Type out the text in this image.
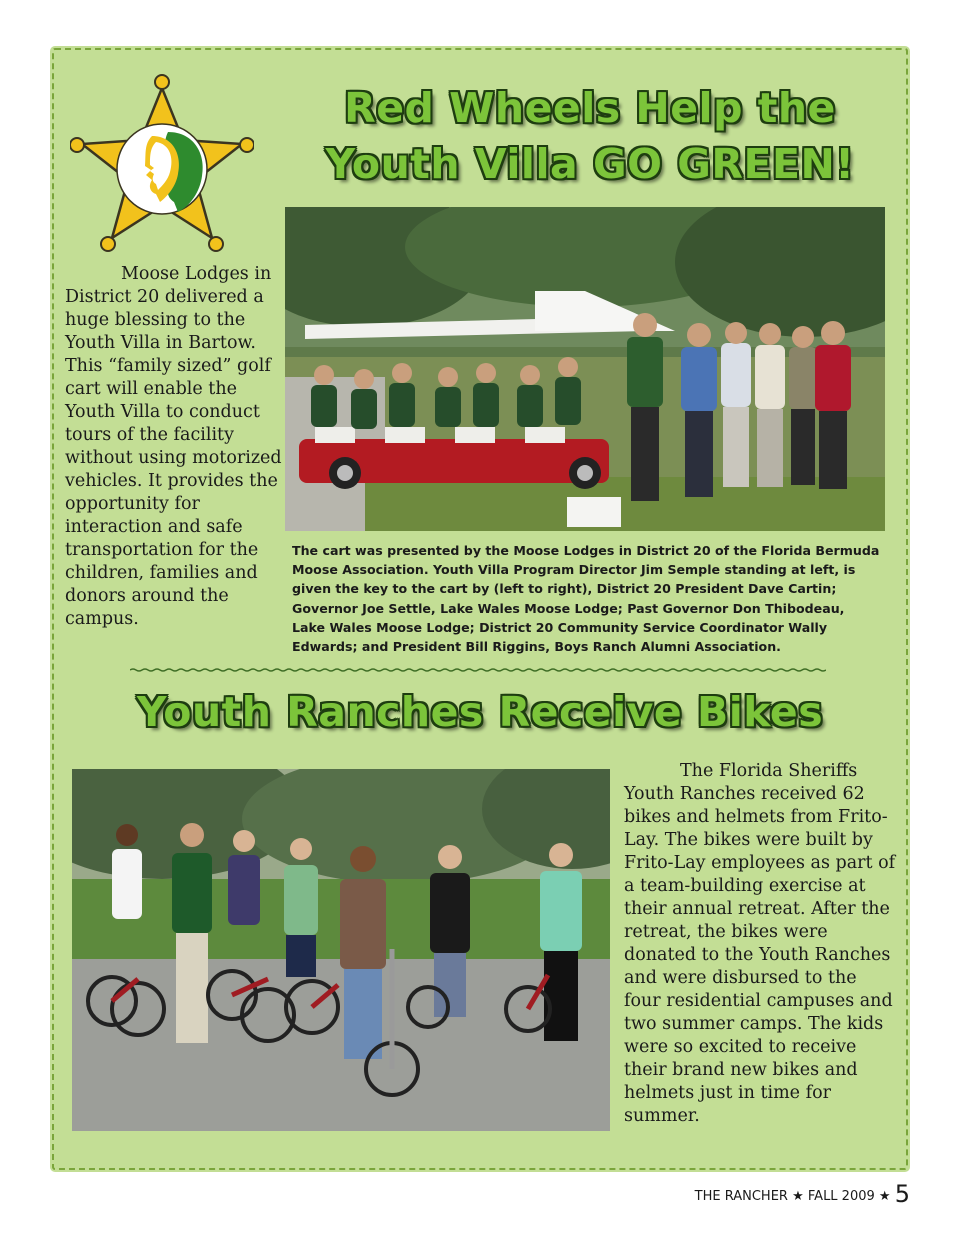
Red Wheels Help the
Youth Villa GO GREEN!
Moose Lodges in District 20 delivered a huge blessing to the Youth Villa in Bartow. This “family sized” golf cart will enable the Youth Villa to conduct tours of the facility without using motorized vehicles. It provides the opportunity for interaction and safe transportation for the children, families and donors around the campus.
The cart was presented by the Moose Lodges in District 20 of the Florida Bermuda Moose Association. Youth Villa Program Director Jim Semple standing at left, is given the key to the cart by (left to right), District 20 President Dave Cartin; Governor Joe Settle, Lake Wales Moose Lodge; Past Governor Don Thibodeau, Lake Wales Moose Lodge; District 20 Community Service Coordinator Wally Edwards; and President Bill Riggins, Boys Ranch Alumni Association.
Youth Ranches Receive Bikes
The Florida Sheriffs Youth Ranches received 62 bikes and helmets from Frito-Lay. The bikes were built by Frito-Lay employees as part of a team-building exercise at their annual retreat. After the retreat, the bikes were donated to the Youth Ranches and were disbursed to the four residential campuses and two summer camps. The kids were so excited to receive their brand new bikes and helmets just in time for summer.
THE RANCHER ★ FALL 2009 ★ 5
